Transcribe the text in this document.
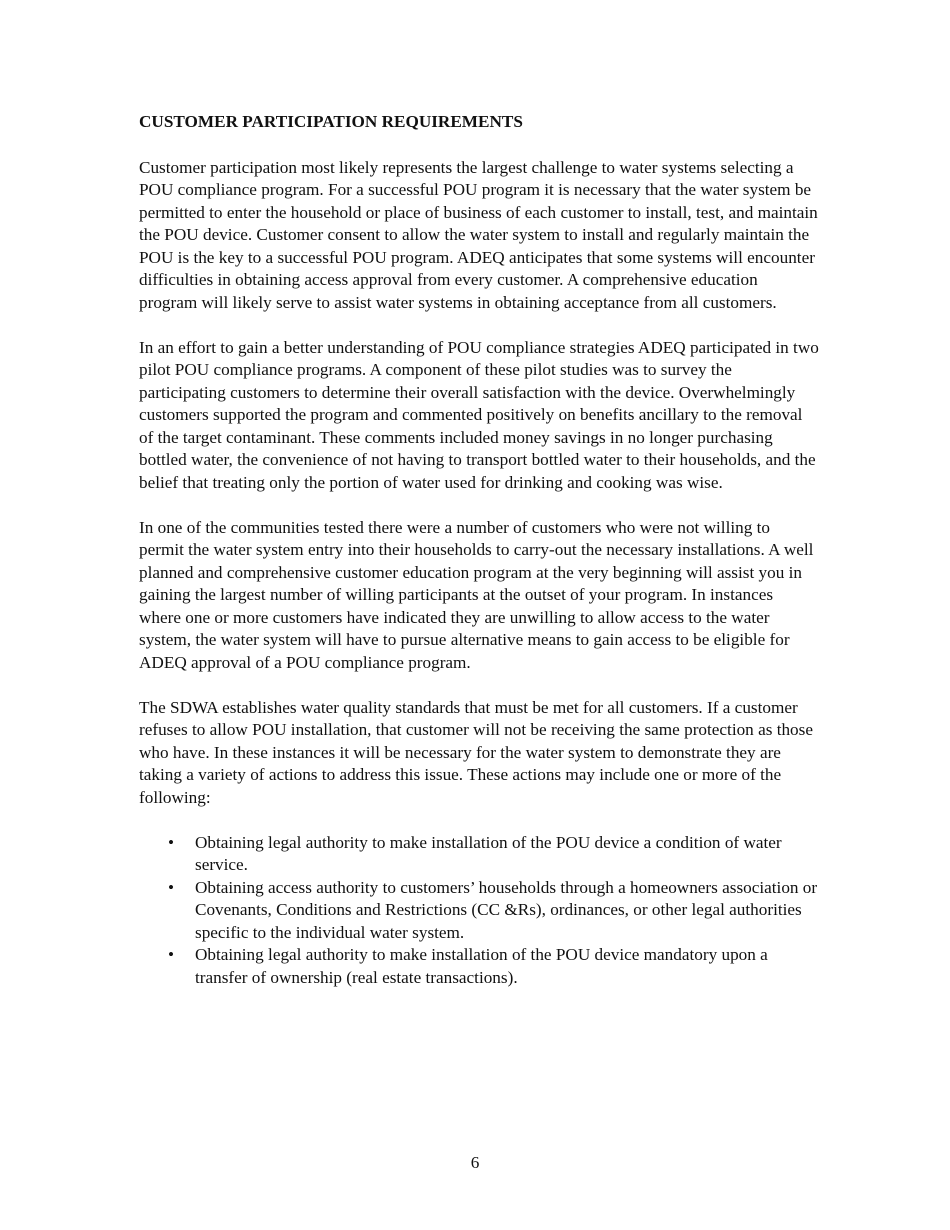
CUSTOMER PARTICIPATION REQUIREMENTS

Customer participation most likely represents the largest challenge to water systems selecting a POU compliance program. For a successful POU program it is necessary that the water system be permitted to enter the household or place of business of each customer to install, test, and maintain the POU device. Customer consent to allow the water system to install and regularly maintain the POU is the key to a successful POU program. ADEQ anticipates that some systems will encounter difficulties in obtaining access approval from every customer. A comprehensive education program will likely serve to assist water systems in obtaining acceptance from all customers.

In an effort to gain a better understanding of POU compliance strategies ADEQ participated in two pilot POU compliance programs. A component of these pilot studies was to survey the participating customers to determine their overall satisfaction with the device. Overwhelmingly customers supported the program and commented positively on benefits ancillary to the removal of the target contaminant. These comments included money savings in no longer purchasing bottled water, the convenience of not having to transport bottled water to their households, and the belief that treating only the portion of water used for drinking and cooking was wise.

In one of the communities tested there were a number of customers who were not willing to permit the water system entry into their households to carry-out the necessary installations. A well planned and comprehensive customer education program at the very beginning will assist you in gaining the largest number of willing participants at the outset of your program. In instances where one or more customers have indicated they are unwilling to allow access to the water system, the water system will have to pursue alternative means to gain access to be eligible for ADEQ approval of a POU compliance program.

The SDWA establishes water quality standards that must be met for all customers. If a customer refuses to allow POU installation, that customer will not be receiving the same protection as those who have. In these instances it will be necessary for the water system to demonstrate they are taking a variety of actions to address this issue. These actions may include one or more of the following:

• Obtaining legal authority to make installation of the POU device a condition of water service.
• Obtaining access authority to customers’ households through a homeowners association or Covenants, Conditions and Restrictions (CC &Rs), ordinances, or other legal authorities specific to the individual water system.
• Obtaining legal authority to make installation of the POU device mandatory upon a transfer of ownership (real estate transactions).
6
